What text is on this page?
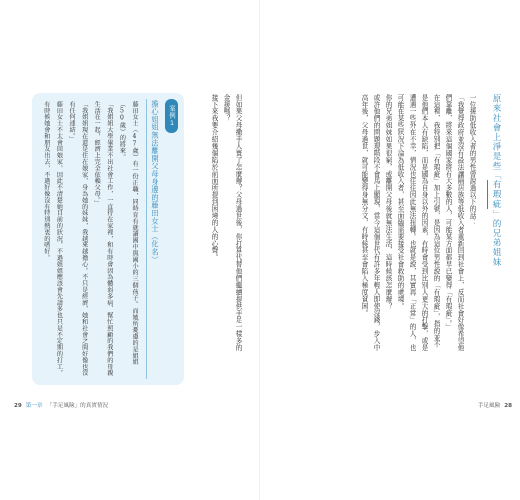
原來社會上淨是些「有瑕疵」的兄弟姐妹

一位援助低收入者的男性曾說過以下的話：

「我覺得政府並沒有設法讓隔居族等低收入者重新回到社會上，反而社會好像希望他們靠離，將來這個國家將有大多數的人，可能某方面都早已變得「有瑕疵」。」

在這裡，我特別把「有瑕疵」加上引號，是因為這位男性說的「有瑕疵」，指的並不是他們本人有缺陷，而是國為自身以外的因素，有時會受到比別人更大的打擊，或是遭遇一些外在不幸，情況也往往因此無法扭轉。也就是說，其實再「正常」的人，也可能在某些狀況下淪為低收入者，甚至面臨需要接受社會救助的處境。

你的兄弟姐妹如果很窮，或離開父母後就無法生活，這時候該怎麼辦？

或許他們的問題現階段不會馬上顯現，當今這個世代有許多年輕人即使沒錢，步入中高年後，父母過世，就可能變得身無分文，有時候甚至會陷入極度貧困。

手足風險 28

但如果父母撒手人寰了怎麼辦？父母過世後，你打算代替他們繼續提供手足一樣多的金援嗎？

接下來我要介紹幾個陷於前面所提到困境的人的心聲。

案例1
擔心姐姐無法離開父母身邊的藤田女士（化名）

藤田女士（47歲）有一份正職，同時育有就讀國中與國小的三個孩子。而她所憂慮的是姐姐（50歲）的將來。

「我姐姐大學畢業不出社會工作，一直待在家裡，和有時會因為體弱多病、幫忙照顧的我們的母親生活在一起，經濟上完全依賴父母。」

「我姐姐現在還是住在娘家，身為她的妹妹，我越來越擔心。不只是經濟，她和社會之間好像也沒有任何連結。」

藤田女士不太會回娘家，因此不清楚她目前的狀況，不過姐姐應該會先請多也只是不定期的打工，有時候她會和朋友出去，不過好像沒有特別熱衷的嗜好。

29 第一章 「手足風險」的真實情況
